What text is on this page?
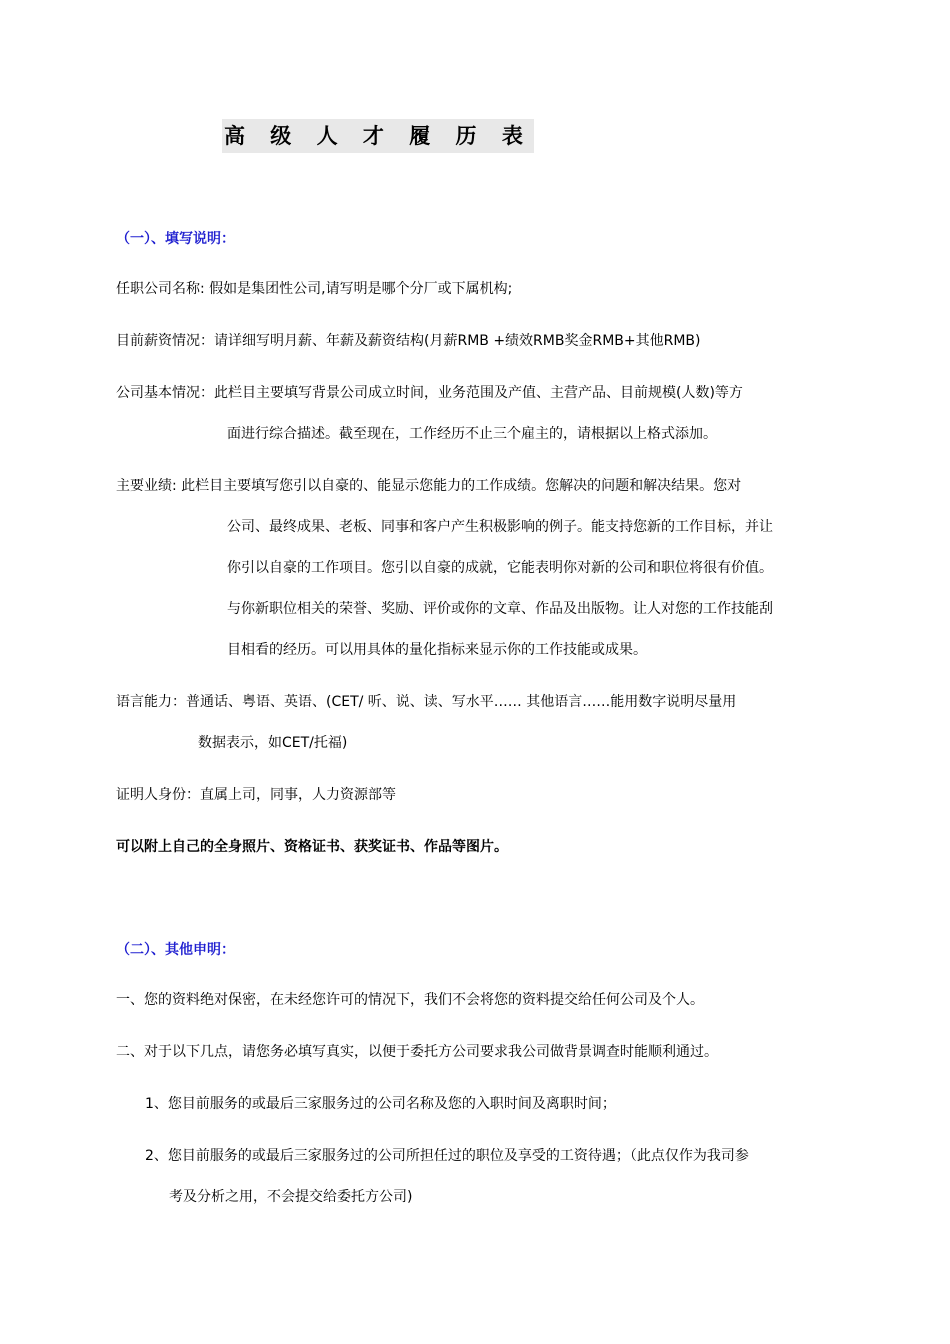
高 级 人 才 履 历 表
（一）、填写说明：
任职公司名称: 假如是集团性公司,请写明是哪个分厂或下属机构;
目前薪资情况：请详细写明月薪、年薪及薪资结构(月薪RMB +绩效RMB奖金RMB+其他RMB)
公司基本情况：此栏目主要填写背景公司成立时间，业务范围及产值、主营产品、目前规模(人数)等方
面进行综合描述。截至现在，工作经历不止三个雇主的，请根据以上格式添加。
主要业绩: 此栏目主要填写您引以自豪的、能显示您能力的工作成绩。您解决的问题和解决结果。您对
公司、最终成果、老板、同事和客户产生积极影响的例子。能支持您新的工作目标，并让
你引以自豪的工作项目。您引以自豪的成就，它能表明你对新的公司和职位将很有价值。
与你新职位相关的荣誉、奖励、评价或你的文章、作品及出版物。让人对您的工作技能刮
目相看的经历。可以用具体的量化指标来显示你的工作技能或成果。
语言能力：普通话、粤语、英语、(CET/ 听、说、读、写水平…… 其他语言……能用数字说明尽量用
数据表示，如CET/托福)
证明人身份：直属上司，同事，人力资源部等
可以附上自己的全身照片、资格证书、获奖证书、作品等图片。
（二）、其他申明：
一、您的资料绝对保密，在未经您许可的情况下，我们不会将您的资料提交给任何公司及个人。
二、对于以下几点，请您务必填写真实，以便于委托方公司要求我公司做背景调查时能顺利通过。
1、您目前服务的或最后三家服务过的公司名称及您的入职时间及离职时间；
2、您目前服务的或最后三家服务过的公司所担任过的职位及享受的工资待遇；（此点仅作为我司参
考及分析之用，不会提交给委托方公司)
